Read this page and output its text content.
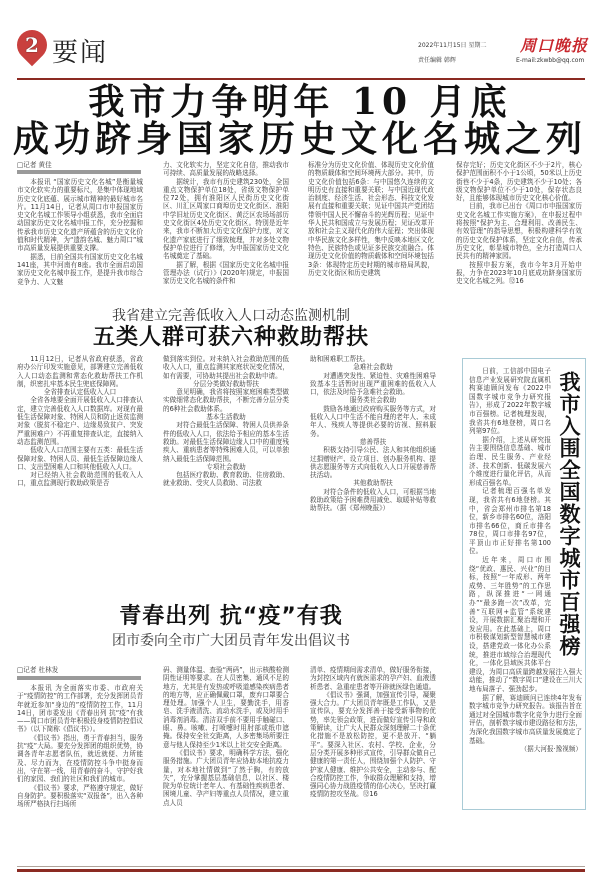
2 要闻	2022年11月15日 星期二
责任编辑 韩辉
周口晚报
E-mail:zkwbb@qq.com
我市力争明年 10 月底
成功跻身国家历史文化名城之列
□记者 黄佳

本报讯 “国家历史文化名城”是衡量城市文化软实力的重要标尺，是集中体现地域历史文化底蕴、展示城市精神的最好城市名片。11月14日，记者从周口市申报国家历史文化名城工作领导小组获悉，我市全面启动国家历史文化名城申报工作，充分挖掘和传承我市历史文化遗产所蕴含的历史文化价值和时代精神，为“遗韵名城、魅力周口”城市高质量发展提供重要支撑。

据悉，目前全国共有国家历史文化名城141座，其中河南有8座。我市全面启动国家历史文化名城申报工作，是提升我市综合竞争力、人文魅

力、文化软实力，坚定文化自信，推动我市可持续、高质量发展的战略选择。

据统计，我市有历史建筑230处，全国重点文物保护单位18处，省级文物保护单位72处，拥有淮阳区人民街历史文化街区、川汇区周家口商埠历史文化街区、淮阳中学旧址历史文化街区、黄泛区农场场部历史文化街区4处历史文化街区。特别是近年来，我市不断加大历史文化保护力度，对文化遗产家底进行了细致梳理，并对多处文物保护单位进行了修缮，为申报国家历史文化名城奠定了基础。

据了解，根据《国家历史文化名城申报管理办法（试行）》(2020年)规定，申报国家历史文化名城的条件和

标准分为历史文化价值、体现历史文化价值的物质载体和空间环境两大部分。其中，历史文化价值包括6条：与中国悠久连续的文明历史有直接和重要关联；与中国近现代政治制度、经济生活、社会形态、科技文化发展有直接和重要关联；见证中国共产党团结带领中国人民不懈奋斗的光辉历程；见证中华人民共和国成立与发展历程；见证改革开放和社会主义现代化的伟大征程；突出体现中华民族文化多样性，集中反映本地区文化特色、民族特色或见证多民族交流融合。体现历史文化价值的物质载体和空间环境包括3条：体现特定历史时期的城市格局风貌，历史文化街区和历史建筑

保存完好；历史文化街区不少于2片，核心保护范围面积不小于1公顷，50米以上历史街巷不少于4条，历史建筑不少于10处；各级文物保护单位不少于10处，保存状态良好，且能够体现城市历史文化核心价值。

目前，我市已出台《周口市申报国家历史文化名城工作实施方案》，在申报过程中将按照“保护为主、合理利用、改善民生、有效管理”的指导思想，积极构建科学有效的历史文化保护体系，坚定文化自信，传承历史文化，彰显城市特色，全力打造周口人民共有的精神家园。

按照申报方案，我市今年3月开始申报，力争在2023年10月底成功跻身国家历史文化名城之列。⑫16

我省建立完善低收入人口动态监测机制
五类人群可获六种救助帮扶

11月12日，记者从省政府获悉，省政府办公厅印发实施意见，部署建立完善低收入人口动态监测和常态化救助帮扶工作机制，织密扎牢基本民生兜底保障网。

全省排查认定低收入人口

全省各地要全面开展低收入人口排查认定，建立完善低收入人口数据库。对现有最低生活保障对象、特困人员和防止返贫监测对象（脱贫不稳定户、边缘易致贫户、突发严重困难户）不再重复排查认定，直接纳入动态监测范围。

低收入人口范围主要有五类：最低生活保障对象、特困人员、最低生活保障边缘人口、支出型困难人口和其他低收入人口。

对已经纳入社会救助范围的低收入人口，重点监测现行救助政策是否

做到落实到位。对未纳入社会救助范围的低收入人口，重点监测其家庭状况变化情况，如有需要，可协助其提出社会救助申请。

分层分类做好救助帮扶

意见明确，我省将按照家庭困难类型做实做细常态化救助帮扶，不断完善分层分类的6种社会救助体系。

基本生活救助

对符合最低生活保障、特困人员供养条件的低收入人口，依法给予相应的基本生活救助。对最低生活保障边缘人口中的重度残疾人、重病患者等特殊困难人员，可以单独纳入最低生活保障范围。

专项社会救助

包括医疗救助、教育救助、住房救助、就业救助、受灾人员救助、司法救

助和困难职工帮扶。

急难社会救助

对遭遇突发性、紧迫性、灾难性困难导致基本生活暂时出现严重困难的低收入人口，依法及时给予急难社会救助。

服务类社会救助

鼓励各地通过政府购买服务等方式，对低收入人口中生活不能自理的老年人、未成年人、残疾人等提供必要的访视、照料服务。

慈善帮扶

积极支持引导公民、法人和其他组织通过捐赠财产、设立项目、创办服务机构、提供志愿服务等方式向低收入人口开展慈善帮扶活动。

其他救助帮扶

对符合条件的低收入人口，可根据当地救助政策给予困难费用减免、取暖补贴等救助帮扶。（据《郑州晚报》）	我市入围全国数字城市百强榜

日前，工信部中国电子信息产业发展研究院直属机构赛迪顾问发布《2022中国数字城市竞争力研究报告》，形成了2022年数字城市百强榜。记者梳理发现，我省共有6地登榜，周口名列第97位。

据介绍，上述从研究报告主要围绕信息基础、城市治理、民生服务、产业经济、技术创新、低碳发展六个维度进行量化评估，从而形成百强名单。

记者梳理百强名单发现，我省共有6地登榜。其中，省会郑州市排名第18位，新乡市排名60位，洛阳市排名66位，商丘市排名78位，周口市排名97位，平顶山市正好排名第100位。

近年来，周口市围绕“优政、惠民、兴业”的目标，按照“一年成形、两年成势、三年胜势”的工作思路，纵深推进“一网通办”“最多跑一次”改革，完善“互联网+监管”系统建设，开展数据汇聚治理和开发应用。在此基础上，周口市积极谋划新型智慧城市建设，搭建党政一体化办公系统，推进市域综合治理现代化，一体化县域医共体平台建设，为周口高质量跨越发展注入强大动能，推动了“数字周口”建设在三川大地布局落子、强劲起步。

据了解，赛迪顾问已连续4年发布数字城市竞争力研究报告。该报告旨在通过对全国城市数字化竞争力进行全面评估，剖析数字城市建设路径和方法，为深化我国数字城市高质量发展奠定了基础。

（据大河报·豫视频）

青春出列 抗“疫”有我
团市委向全市广大团员青年发出倡议书
□记者 杜林发

本报讯 为全面落实市委、市政府关于“疫情防控”的工作部署，充分发挥团员青年就近参加“身边的”疫情防控工作，11月14日，团市委发出《青春出列 抗“疫”有我——周口市团员青年积极投身疫情防控倡议书》（以下简称《倡议书》）。

《倡议书》指出，勇于青春担当，服务抗“疫”大局。要充分发挥团的组织优势，协调各青年志愿者队伍，就近就便、力所能及、尽力而为，在疫情防控斗争中挺身而出，守在第一线，用青春的奋斗，守护好我们的家园、我们的社区和我们的城市。

《倡议书》要求，严格遵守规定，做好自身防护。要积极落实“双报备”，出入各种场所严格执行扫场所

码、测量体温、查验“两码”，出示核酸检测阴性证明等要求。在人员密集、通风不足的地方，尤其是有发热或呼吸道感染疾病患者的地方等，应正确佩戴口罩，废弃口罩要合理处理。加强个人卫生，要勤洗手，用香皂、洗手液清洗、流动水洗手，或及时用手消毒剂消毒。清洁双手前不要用手触碰口、眼、鼻。咳嗽、打喷嚏时用肘部或纸巾遮掩。保持安全社交距离，人多密集场所要注意与他人保持至少1米以上社交安全距离。

《倡议书》要求，明确科学方法，强化服务措施。广大团员青年应协助本地抗疫力量，对本地社情做到“了然于胸，有的放矢”，充分掌握基层基础信息，以社区、楼院为单位统计老年人、有基础性疾病患者、困境儿童、孕产妇等重点人员情况，建立重点人员

清单、疫情期间需求清单，做好服务衔接，为封控区域内有就医需求的孕产妇、血液透析患者、急重症患者等开辟就医绿色通道。

《倡议书》强调，加强宣传引导，凝聚强大合力。广大团员青年既是工作队，又是宣传队，要充分发挥善于接受新事物的优势，率先领会政策，进而做好宣传引导和政策解读，让广大人民群众深刻理解二十条优化措施不是放松防控，更不是放开、“躺平”。要深入社区、农村、学校、企业，分层分类开展多种形式宣传，引导群众做自己健康的第一责任人，围绕加强个人防护、守护家人健康、维护公共安全，主动参与、配合疫情防控工作，争取群众理解和支持，增强同心协力战胜疫情的信心决心，坚决打赢疫情防控攻坚战。⑫16
